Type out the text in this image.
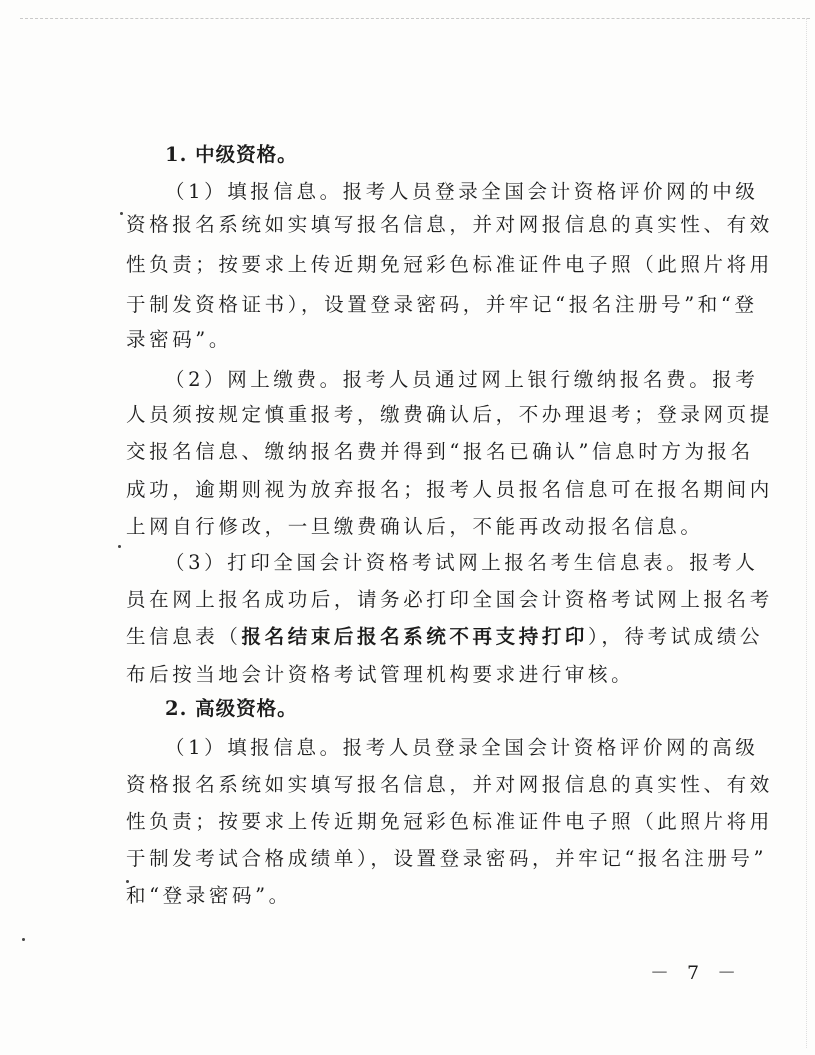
1. 中级资格。
（1）填报信息。报考人员登录全国会计资格评价网的中级
资格报名系统如实填写报名信息，并对网报信息的真实性、有效
性负责；按要求上传近期免冠彩色标准证件电子照（此照片将用
于制发资格证书），设置登录密码，并牢记“报名注册号”和“登
录密码”。
（2）网上缴费。报考人员通过网上银行缴纳报名费。报考
人员须按规定慎重报考，缴费确认后，不办理退考；登录网页提
交报名信息、缴纳报名费并得到“报名已确认”信息时方为报名
成功，逾期则视为放弃报名；报考人员报名信息可在报名期间内
上网自行修改，一旦缴费确认后，不能再改动报名信息。
（3）打印全国会计资格考试网上报名考生信息表。报考人
员在网上报名成功后，请务必打印全国会计资格考试网上报名考
生信息表（报名结束后报名系统不再支持打印），待考试成绩公
布后按当地会计资格考试管理机构要求进行审核。
2. 高级资格。
（1）填报信息。报考人员登录全国会计资格评价网的高级
资格报名系统如实填写报名信息，并对网报信息的真实性、有效
性负责；按要求上传近期免冠彩色标准证件电子照（此照片将用
于制发考试合格成绩单），设置登录密码，并牢记“报名注册号”
和“登录密码”。
－ 7 －
